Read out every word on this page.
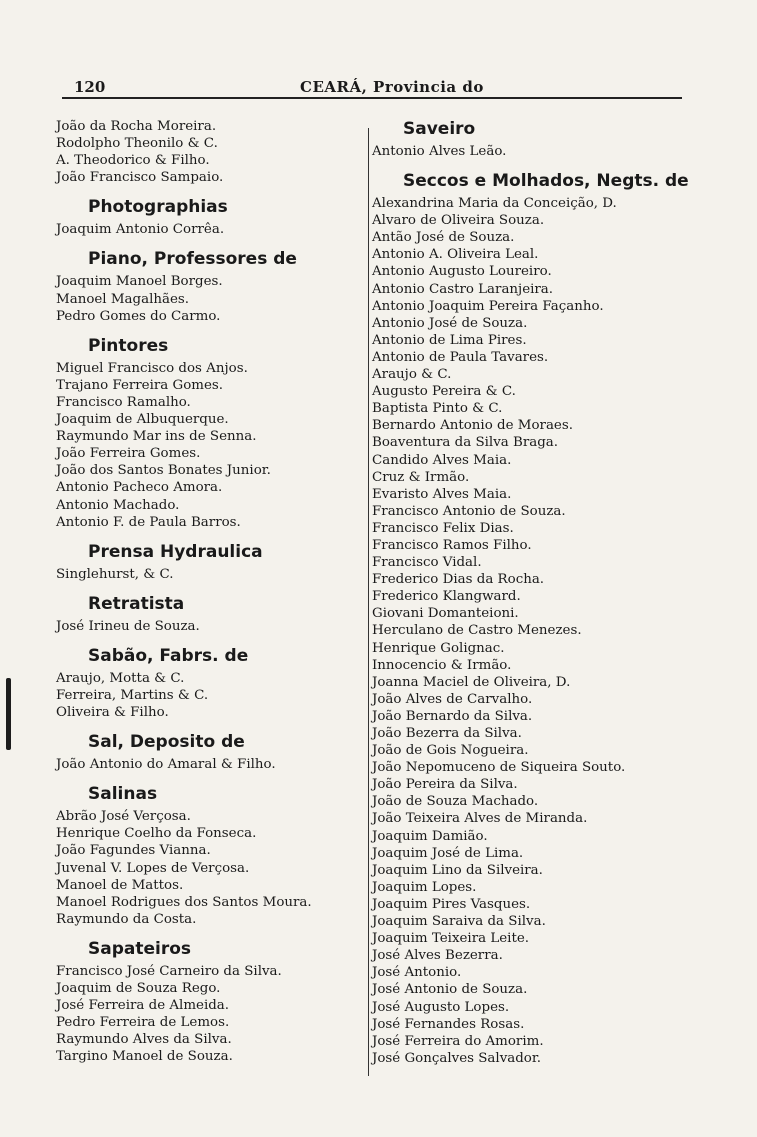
120	CEARÁ, Provincia do
João da Rocha Moreira.
Rodolpho Theonilo & C.
A. Theodorico & Filho.
João Francisco Sampaio.
Photographias
Joaquim Antonio Corrêa.
Piano, Professores de
Joaquim Manoel Borges.
Manoel Magalhães.
Pedro Gomes do Carmo.
Pintores
Miguel Francisco dos Anjos.
Trajano Ferreira Gomes.
Francisco Ramalho.
Joaquim de Albuquerque.
Raymundo Mar ins de Senna.
João Ferreira Gomes.
João dos Santos Bonates Junior.
Antonio Pacheco Amora.
Antonio Machado.
Antonio F. de Paula Barros.
Prensa Hydraulica
Singlehurst, & C.
Retratista
José Irineu de Souza.
Sabão, Fabrs. de
Araujo, Motta & C.
Ferreira, Martins & C.
Oliveira & Filho.
Sal, Deposito de
João Antonio do Amaral & Filho.
Salinas
Abrão José Verçosa.
Henrique Coelho da Fonseca.
João Fagundes Vianna.
Juvenal V. Lopes de Verçosa.
Manoel de Mattos.
Manoel Rodrigues dos Santos Moura.
Raymundo da Costa.
Sapateiros
Francisco José Carneiro da Silva.
Joaquim de Souza Rego.
José Ferreira de Almeida.
Pedro Ferreira de Lemos.
Raymundo Alves da Silva.
Targino Manoel de Souza.
Saveiro
Antonio Alves Leão.
Seccos e Molhados, Negts. de
Alexandrina Maria da Conceição, D.
Alvaro de Oliveira Souza.
Antão José de Souza.
Antonio A. Oliveira Leal.
Antonio Augusto Loureiro.
Antonio Castro Laranjeira.
Antonio Joaquim Pereira Façanho.
Antonio José de Souza.
Antonio de Lima Pires.
Antonio de Paula Tavares.
Araujo & C.
Augusto Pereira & C.
Baptista Pinto & C.
Bernardo Antonio de Moraes.
Boaventura da Silva Braga.
Candido Alves Maia.
Cruz & Irmão.
Evaristo Alves Maia.
Francisco Antonio de Souza.
Francisco Felix Dias.
Francisco Ramos Filho.
Francisco Vidal.
Frederico Dias da Rocha.
Frederico Klangward.
Giovani Domanteioni.
Herculano de Castro Menezes.
Henrique Golignac.
Innocencio & Irmão.
Joanna Maciel de Oliveira, D.
João Alves de Carvalho.
João Bernardo da Silva.
João Bezerra da Silva.
João de Gois Nogueira.
João Nepomuceno de Siqueira Souto.
João Pereira da Silva.
João de Souza Machado.
João Teixeira Alves de Miranda.
Joaquim Damião.
Joaquim José de Lima.
Joaquim Lino da Silveira.
Joaquim Lopes.
Joaquim Pires Vasques.
Joaquim Saraiva da Silva.
Joaquim Teixeira Leite.
José Alves Bezerra.
José Antonio.
José Antonio de Souza.
José Augusto Lopes.
José Fernandes Rosas.
José Ferreira do Amorim.
José Gonçalves Salvador.
